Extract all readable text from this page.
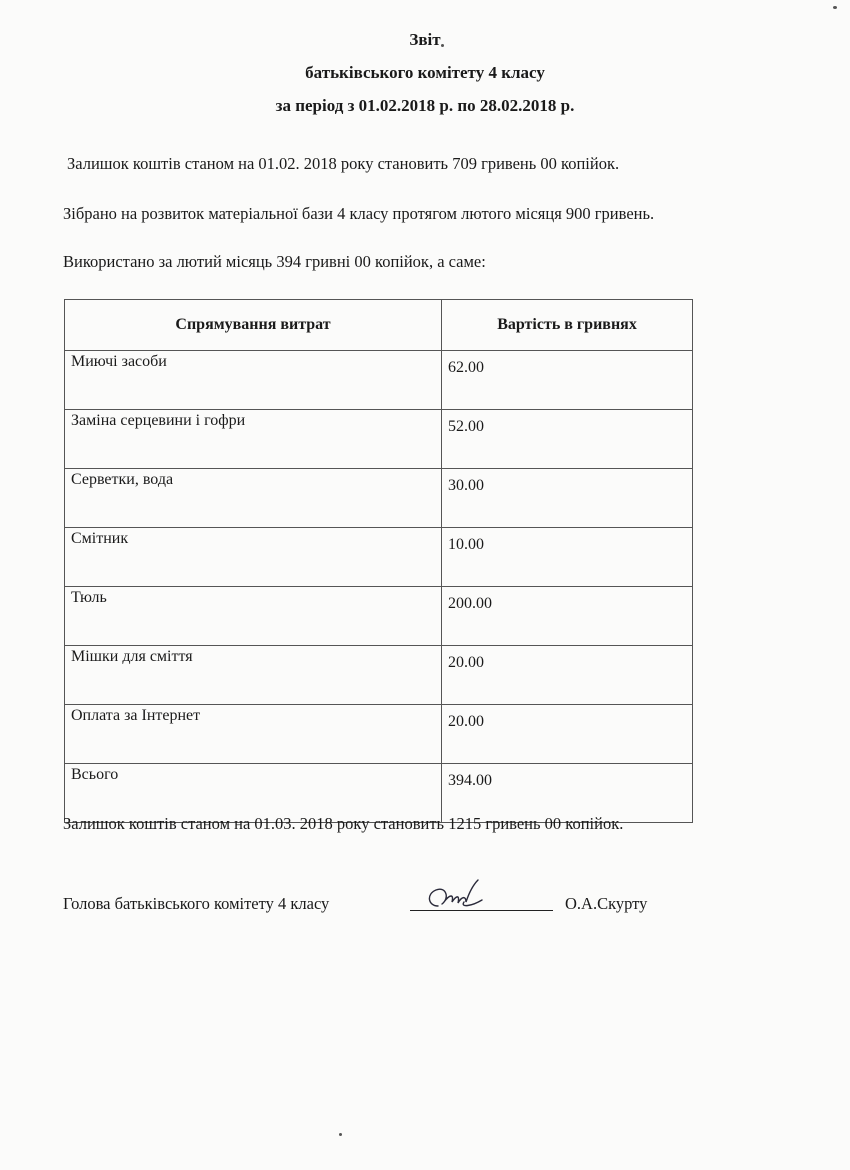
Звіт
батьківського комітету 4 класу
за період з 01.02.2018 р. по 28.02.2018 р.
Залишок коштів станом на 01.02. 2018 року становить 709 гривень 00 копійок.
Зібрано на розвиток матеріальної бази 4 класу протягом лютого місяця 900 гривень.
Використано за лютий місяць 394 гривні 00 копійок, а саме:
Спрямування витрат	Вартість в гривнях
Миючі засоби	62.00
Заміна серцевини і гофри	52.00
Серветки, вода	30.00
Смітник	10.00
Тюль	200.00
Мішки для сміття	20.00
Оплата за Інтернет	20.00
Всього	394.00
Залишок коштів станом на 01.03. 2018 року становить 1215 гривень 00 копійок.
Голова батьківського комітету 4 класу	О.А.Скурту
